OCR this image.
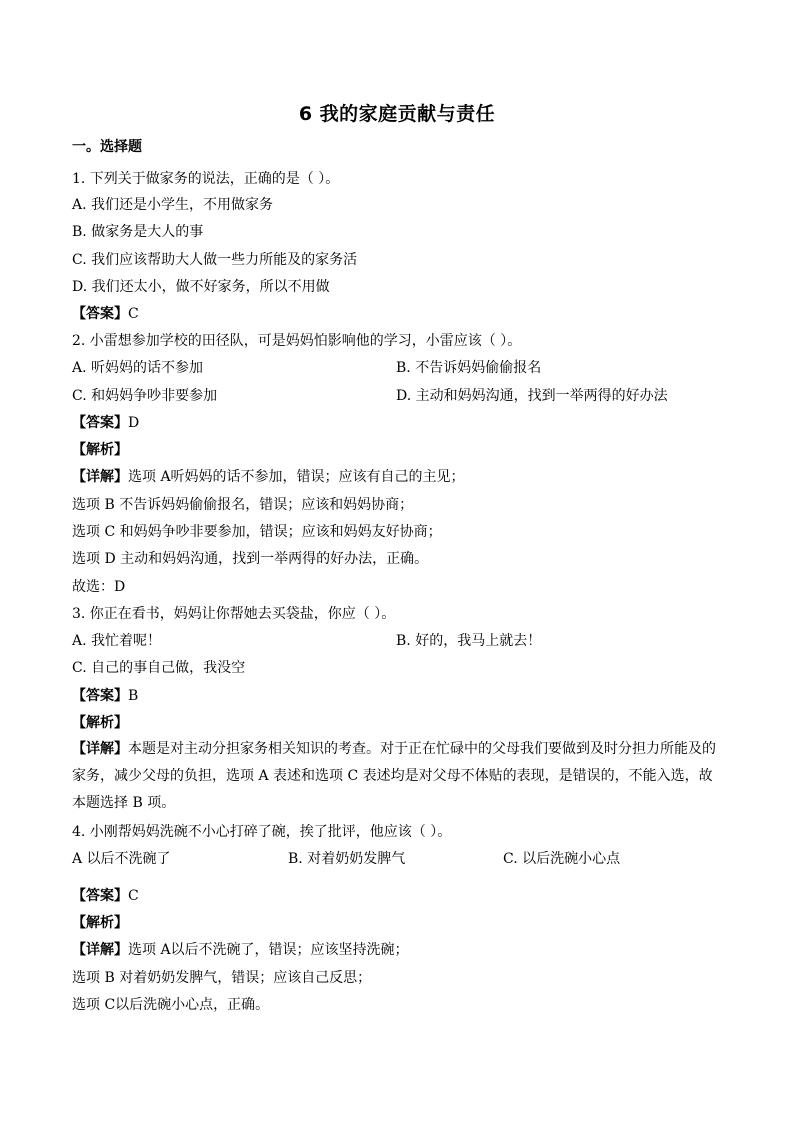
6 我的家庭贡献与责任
一。选择题
1. 下列关于做家务的说法，正确的是（ ）。
A. 我们还是小学生，不用做家务
B. 做家务是大人的事
C. 我们应该帮助大人做一些力所能及的家务活
D. 我们还太小，做不好家务，所以不用做
【答案】C
2. 小雷想参加学校的田径队，可是妈妈怕影响他的学习，小雷应该（ ）。
A. 听妈妈的话不参加	B. 不告诉妈妈偷偷报名
C. 和妈妈争吵非要参加	D. 主动和妈妈沟通，找到一举两得的好办法
【答案】D
【解析】
【详解】选项 A听妈妈的话不参加，错误；应该有自己的主见；
选项 B 不告诉妈妈偷偷报名，错误；应该和妈妈协商；
选项 C 和妈妈争吵非要参加，错误；应该和妈妈友好协商；
选项 D 主动和妈妈沟通，找到一举两得的好办法，正确。
故选：D
3. 你正在看书，妈妈让你帮她去买袋盐，你应（ ）。
A. 我忙着呢！	B. 好的，我马上就去！
C. 自己的事自己做，我没空
【答案】B
【解析】
【详解】本题是对主动分担家务相关知识的考查。对于正在忙碌中的父母我们要做到及时分担力所能及的家务，减少父母的负担，选项 A 表述和选项 C 表述均是对父母不体贴的表现，是错误的，不能入选，故本题选择 B 项。
4. 小刚帮妈妈洗碗不小心打碎了碗，挨了批评，他应该（ ）。
A 以后不洗碗了	B. 对着奶奶发脾气	C. 以后洗碗小心点
【答案】C
【解析】
【详解】选项 A以后不洗碗了，错误；应该坚持洗碗；
选项 B 对着奶奶发脾气，错误；应该自己反思；
选项 C以后洗碗小心点，正确。
